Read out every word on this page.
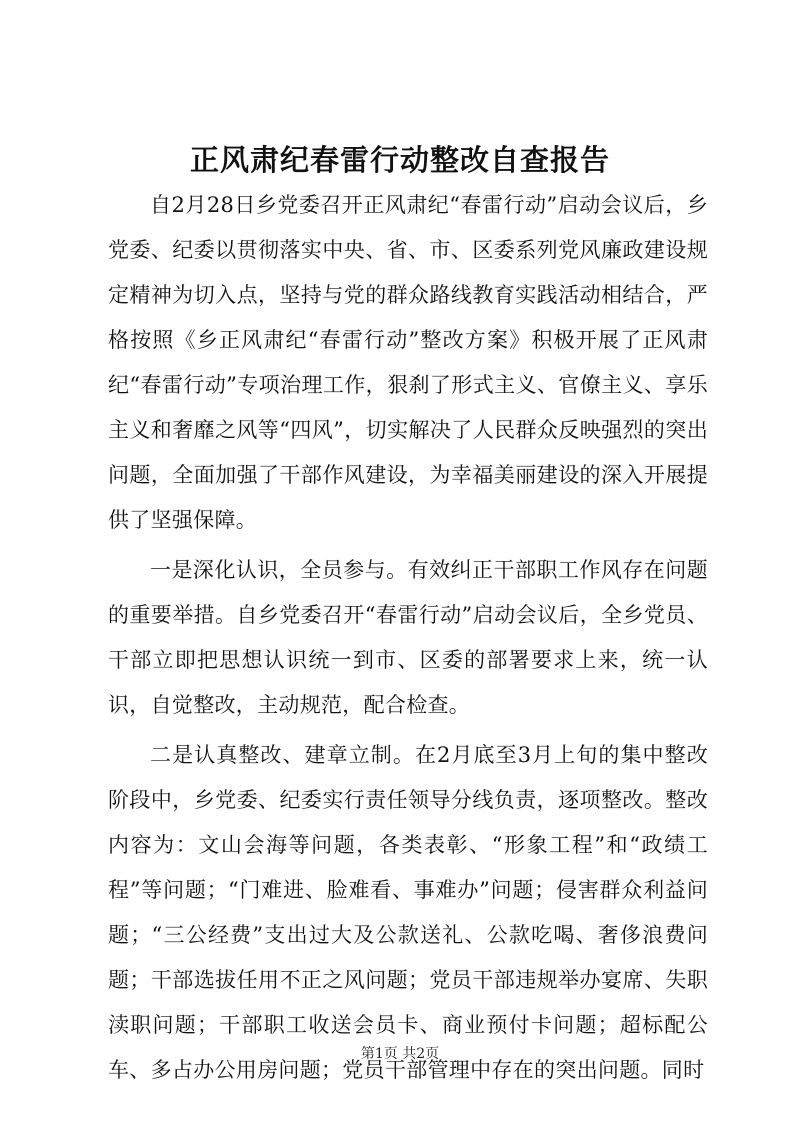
正风肃纪春雷行动整改自查报告

自2月28日乡党委召开正风肃纪“春雷行动”启动会议后，乡党委、纪委以贯彻落实中央、省、市、区委系列党风廉政建设规定精神为切入点，坚持与党的群众路线教育实践活动相结合，严格按照《乡正风肃纪“春雷行动”整改方案》积极开展了正风肃纪“春雷行动”专项治理工作，狠刹了形式主义、官僚主义、享乐主义和奢靡之风等“四风”，切实解决了人民群众反映强烈的突出问题，全面加强了干部作风建设，为幸福美丽建设的深入开展提供了坚强保障。

一是深化认识，全员参与。有效纠正干部职工作风存在问题的重要举措。自乡党委召开“春雷行动”启动会议后，全乡党员、干部立即把思想认识统一到市、区委的部署要求上来，统一认识，自觉整改，主动规范，配合检查。

二是认真整改、建章立制。在2月底至3月上旬的集中整改阶段中，乡党委、纪委实行责任领导分线负责，逐项整改。整改内容为：文山会海等问题，各类表彰、“形象工程”和“政绩工程”等问题；“门难进、脸难看、事难办”问题；侵害群众利益问题；“三公经费”支出过大及公款送礼、公款吃喝、奢侈浪费问题；干部选拔任用不正之风问题；党员干部违规举办宴席、失职渎职问题；干部职工收送会员卡、商业预付卡问题；超标配公车、多占办公用房问题；党员干部管理中存在的突出问题。同时

第1页 共2页
